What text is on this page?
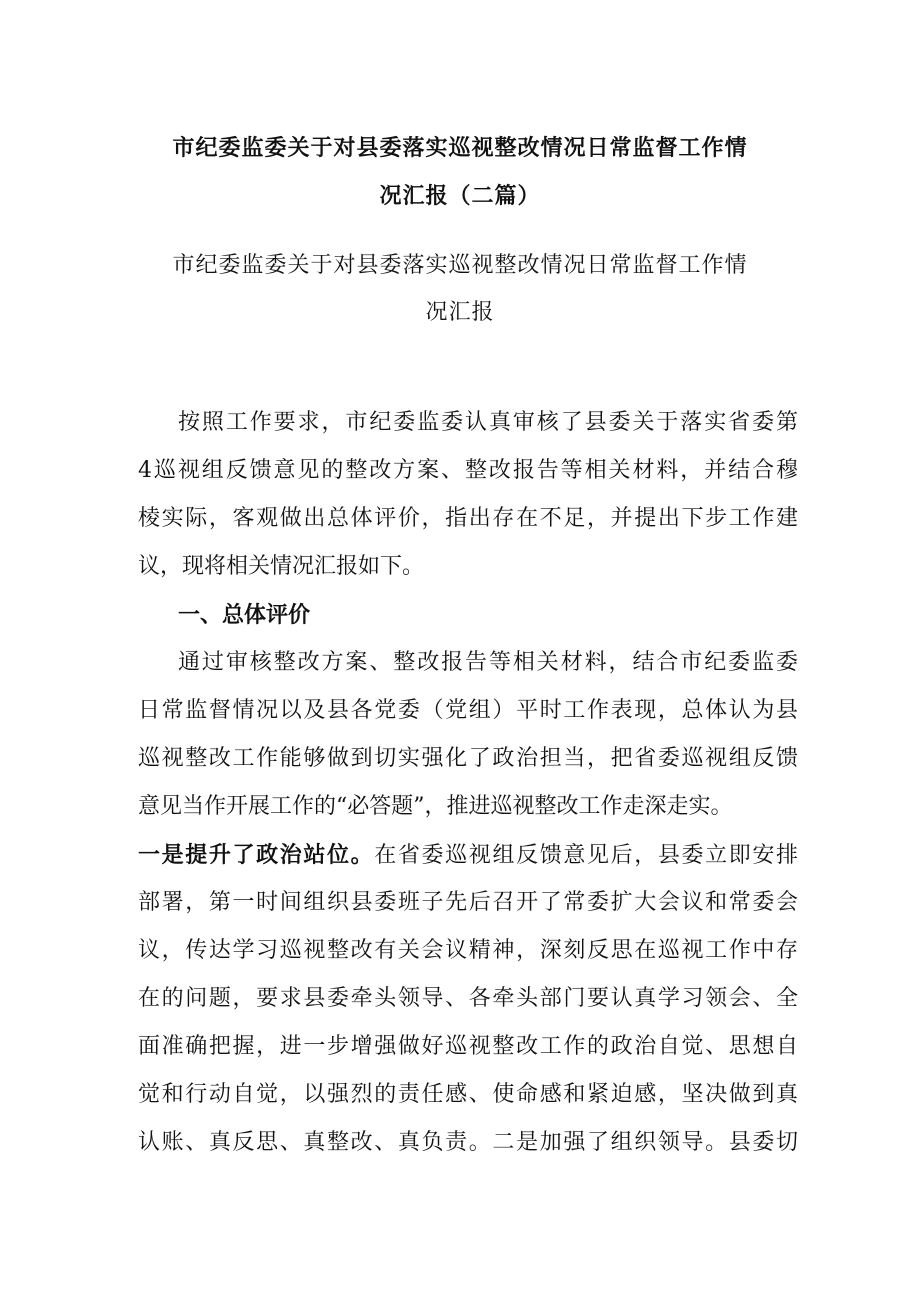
市纪委监委关于对县委落实巡视整改情况日常监督工作情
况汇报（二篇）
市纪委监委关于对县委落实巡视整改情况日常监督工作情
况汇报
按照工作要求，市纪委监委认真审核了县委关于落实省委第
4巡视组反馈意见的整改方案、整改报告等相关材料，并结合穆
棱实际，客观做出总体评价，指出存在不足，并提出下步工作建
议，现将相关情况汇报如下。
一、总体评价
通过审核整改方案、整改报告等相关材料，结合市纪委监委
日常监督情况以及县各党委（党组）平时工作表现，总体认为县
巡视整改工作能够做到切实强化了政治担当，把省委巡视组反馈
意见当作开展工作的“必答题”，推进巡视整改工作走深走实。
一是提升了政治站位。在省委巡视组反馈意见后，县委立即安排
部署，第一时间组织县委班子先后召开了常委扩大会议和常委会
议，传达学习巡视整改有关会议精神，深刻反思在巡视工作中存
在的问题，要求县委牵头领导、各牵头部门要认真学习领会、全
面准确把握，进一步增强做好巡视整改工作的政治自觉、思想自
觉和行动自觉，以强烈的责任感、使命感和紧迫感，坚决做到真
认账、真反思、真整改、真负责。二是加强了组织领导。县委切
